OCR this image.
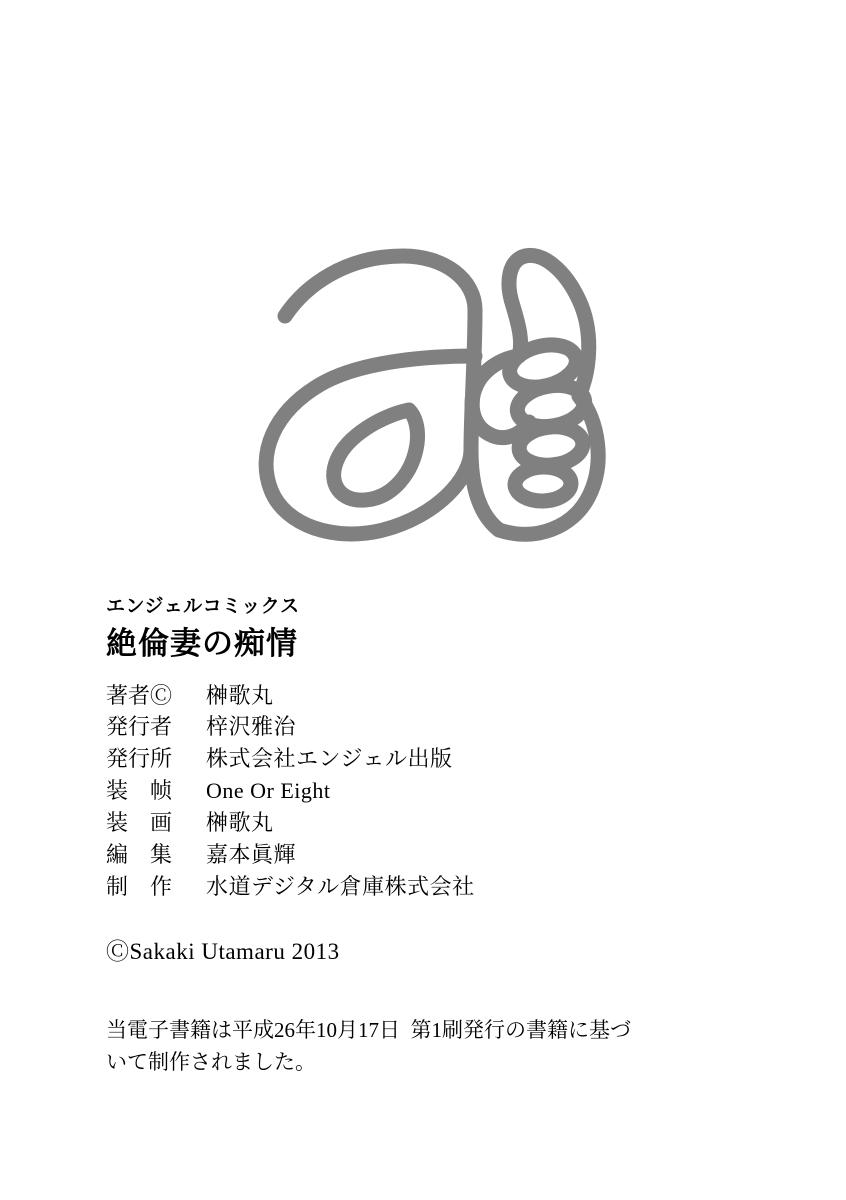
エンジェルコミックス
絶倫妻の痴情
著者Ⓒ	榊歌丸
発行者	梓沢雅治
発行所	株式会社エンジェル出版
装　帧	One Or Eight
装　画	榊歌丸
編　集	嘉本眞輝
制　作	水道デジタル倉庫株式会社
ⒸSakaki Utamaru 2013
当電子書籍は平成26年10月17日  第1刷発行の書籍に基づ
いて制作されました。
